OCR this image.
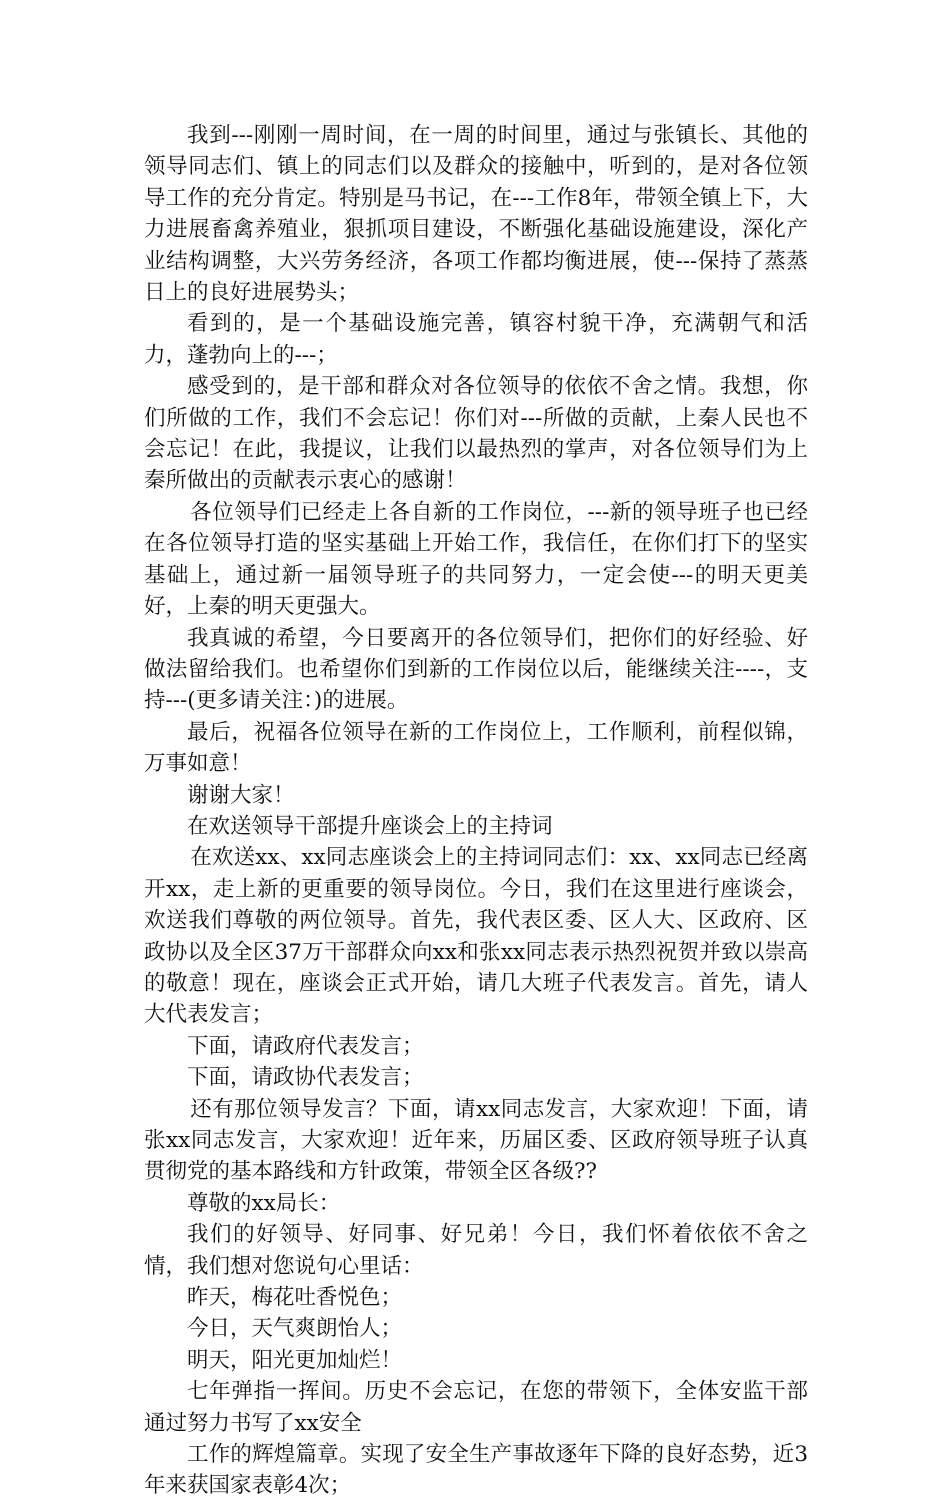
我到---刚刚一周时间，在一周的时间里，通过与张镇长、其他的领导同志们、镇上的同志们以及群众的接触中，听到的，是对各位领导工作的充分肯定。特别是马书记，在---工作8年，带领全镇上下，大力进展畜禽养殖业，狠抓项目建设，不断强化基础设施建设，深化产业结构调整，大兴劳务经济，各项工作都均衡进展，使---保持了蒸蒸日上的良好进展势头；

看到的，是一个基础设施完善，镇容村貌干净，充满朝气和活力，蓬勃向上的---；

感受到的，是干部和群众对各位领导的依依不舍之情。我想，你们所做的工作，我们不会忘记！你们对---所做的贡献，上秦人民也不会忘记！在此，我提议，让我们以最热烈的掌声，对各位领导们为上秦所做出的贡献表示衷心的感谢！

各位领导们已经走上各自新的工作岗位，---新的领导班子也已经在各位领导打造的坚实基础上开始工作，我信任，在你们打下的坚实基础上，通过新一届领导班子的共同努力，一定会使---的明天更美好，上秦的明天更强大。

我真诚的希望，今日要离开的各位领导们，把你们的好经验、好做法留给我们。也希望你们到新的工作岗位以后，能继续关注----，支持---(更多请关注：)的进展。

最后，祝福各位领导在新的工作岗位上，工作顺利，前程似锦，万事如意！

谢谢大家！

在欢送领导干部提升座谈会上的主持词

在欢送xx、xx同志座谈会上的主持词同志们：xx、xx同志已经离开xx，走上新的更重要的领导岗位。今日，我们在这里进行座谈会，欢送我们尊敬的两位领导。首先，我代表区委、区人大、区政府、区政协以及全区37万干部群众向xx和张xx同志表示热烈祝贺并致以崇高的敬意！现在，座谈会正式开始，请几大班子代表发言。首先，请人大代表发言；

下面，请政府代表发言；

下面，请政协代表发言；

还有那位领导发言？下面，请xx同志发言，大家欢迎！下面，请张xx同志发言，大家欢迎！近年来，历届区委、区政府领导班子认真贯彻党的基本路线和方针政策，带领全区各级??

尊敬的xx局长：

我们的好领导、好同事、好兄弟！今日，我们怀着依依不舍之情，我们想对您说句心里话：

昨天，梅花吐香悦色；

今日，天气爽朗怡人；

明天，阳光更加灿烂！

七年弹指一挥间。历史不会忘记，在您的带领下，全体安监干部通过努力书写了xx安全

工作的辉煌篇章。实现了安全生产事故逐年下降的良好态势，近3年来获国家表彰4次；
